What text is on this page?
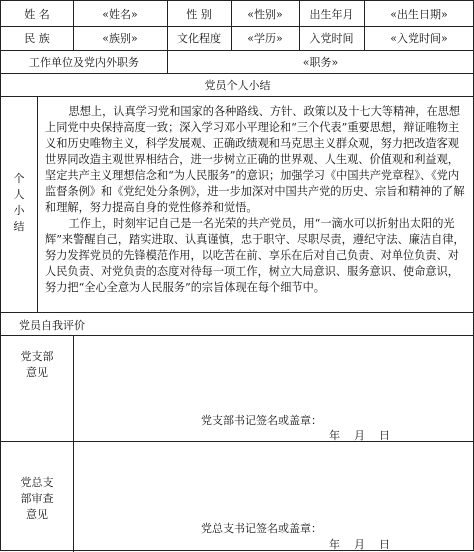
姓 名	«姓名»	性 别	«性别»	出生年月	«出生日期»
民 族	«族别»	文化程度	«学历»	入党时间	«入党时间»
工作单位及党内外职务	«职务»
党员个人小结
个人小结

思想上，认真学习党和国家的各种路线、方针、政策以及十七大等精神，在思想上同党中央保持高度一致；深入学习邓小平理论和“三个代表”重要思想，辩证唯物主义和历史唯物主义，科学发展观、正确政绩观和马克思主义群众观，努力把改造客观世界同改造主观世界相结合，进一步树立正确的世界观、人生观、价值观和利益观，坚定共产主义理想信念和“为人民服务”的意识；加强学习《中国共产党章程》、《党内监督条例》和《党纪处分条例》，进一步加深对中国共产党的历史、宗旨和精神的了解和理解，努力提高自身的党性修养和觉悟。

工作上，时刻牢记自己是一名光荣的共产党员，用“一滴水可以折射出太阳的光辉”来警醒自己，踏实进取、认真谨慎，忠于职守、尽职尽责，遵纪守法、廉洁自律，努力发挥党员的先锋模范作用，以吃苦在前、享乐在后对自己负责、对单位负责、对人民负责、对党负责的态度对待每一项工作，树立大局意识、服务意识、使命意识，努力把“全心全意为人民服务”的宗旨体现在每个细节中。

党员自我评价
党支部
意见
党支部书记签名或盖章：
年    月    日
党总支
部审查
意见
党总支书记签名或盖章：
年    月    日
